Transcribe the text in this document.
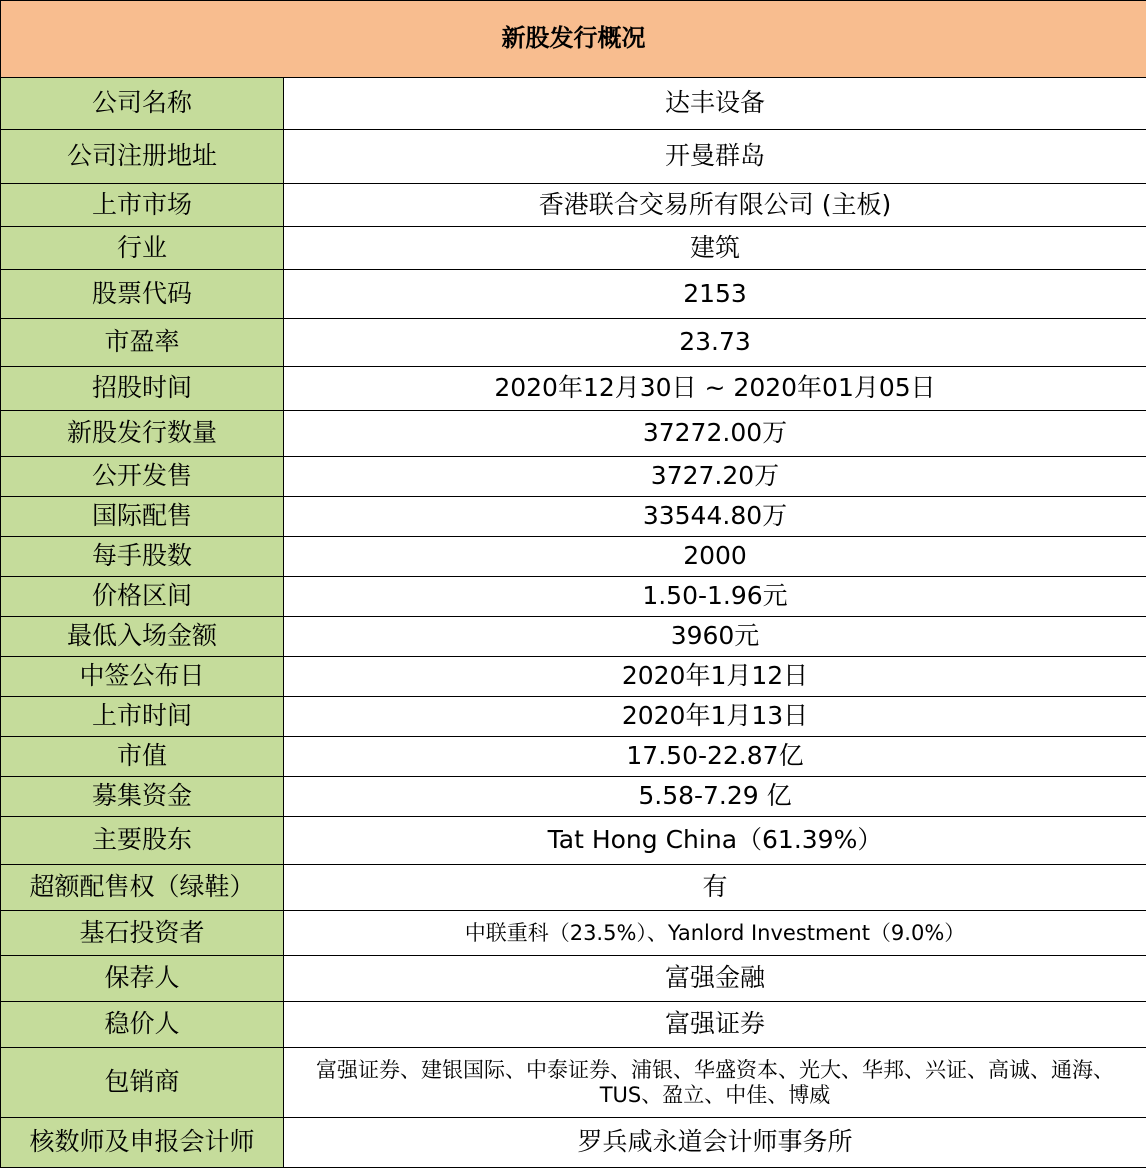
新股发行概况	
公司名称	达丰设备
公司注册地址	开曼群岛
上市市场	香港联合交易所有限公司 (主板)
行业	建筑
股票代码	2153
市盈率	23.73
招股时间	2020年12月30日 ~ 2020年01月05日
新股发行数量	37272.00万
公开发售	3727.20万
国际配售	33544.80万
每手股数	2000
价格区间	1.50-1.96元
最低入场金额	3960元
中签公布日	2020年1月12日
上市时间	2020年1月13日
市值	17.50-22.87亿
募集资金	5.58-7.29 亿
主要股东	Tat Hong China（61.39%）
超额配售权（绿鞋）	有
基石投资者	中联重科（23.5%）、Yanlord Investment（9.0%）
保荐人	富强金融
稳价人	富强证券
包销商	富强证券、建银国际、中泰证券、浦银、华盛资本、光大、华邦、兴证、高诚、通海、TUS、盈立、中佳、博威
核数师及申报会计师	罗兵咸永道会计师事务所
